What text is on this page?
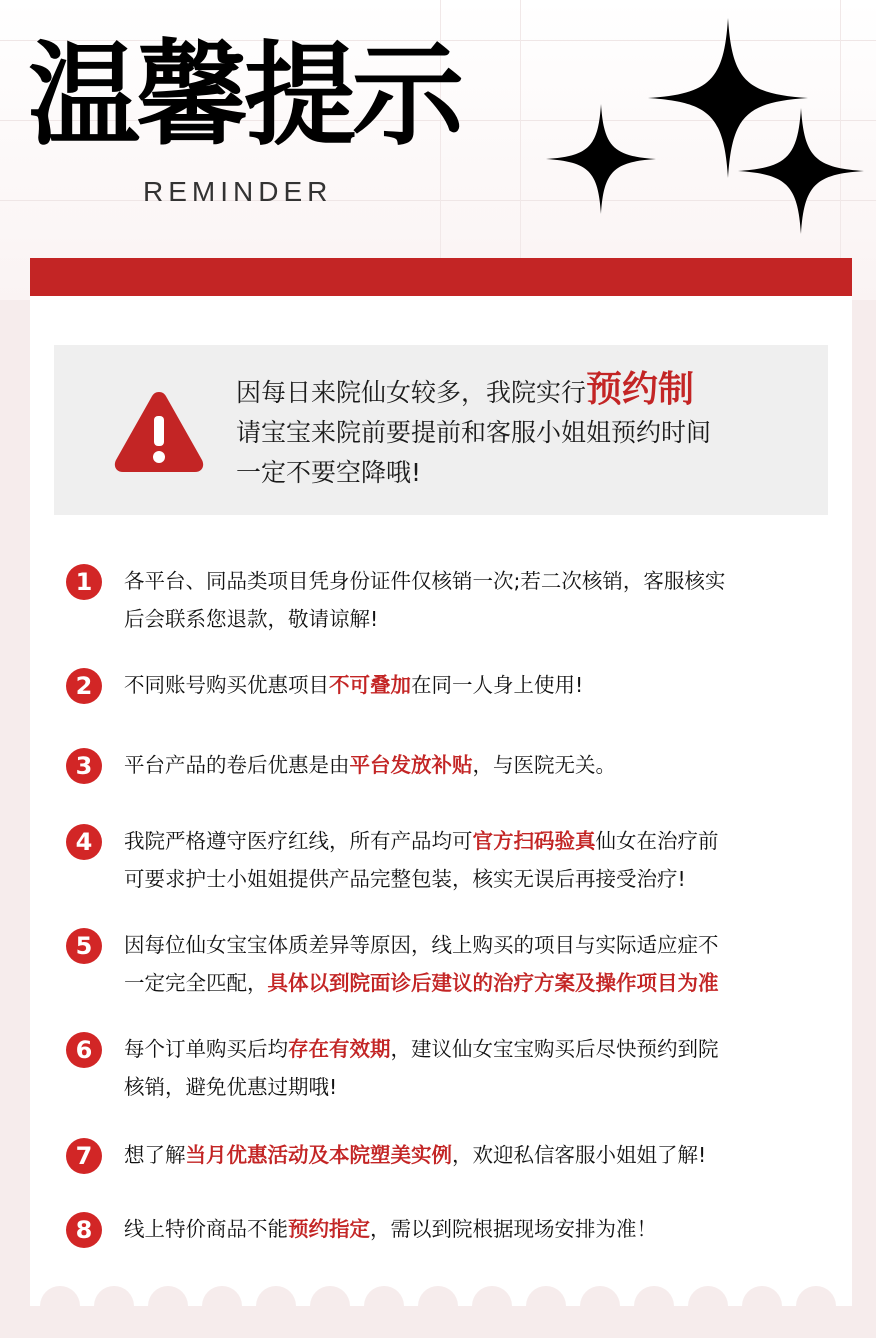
温馨提示
REMINDER
因每日来院仙女较多，我院实行预约制
请宝宝来院前要提前和客服小姐姐预约时间
一定不要空降哦!
1	各平台、同品类项目凭身份证件仅核销一次;若二次核销，客服核实
后会联系您退款，敬请谅解!
2	不同账号购买优惠项目不可叠加在同一人身上使用!
3	平台产品的卷后优惠是由平台发放补贴，与医院无关。
4	我院严格遵守医疗红线，所有产品均可官方扫码验真仙女在治疗前
可要求护士小姐姐提供产品完整包装，核实无误后再接受治疗!
5	因每位仙女宝宝体质差异等原因，线上购买的项目与实际适应症不
一定完全匹配，具体以到院面诊后建议的治疗方案及操作项目为准
6	每个订单购买后均存在有效期，建议仙女宝宝购买后尽快预约到院
核销，避免优惠过期哦!
7	想了解当月优惠活动及本院塑美实例，欢迎私信客服小姐姐了解!
8	线上特价商品不能预约指定，需以到院根据现场安排为准！
